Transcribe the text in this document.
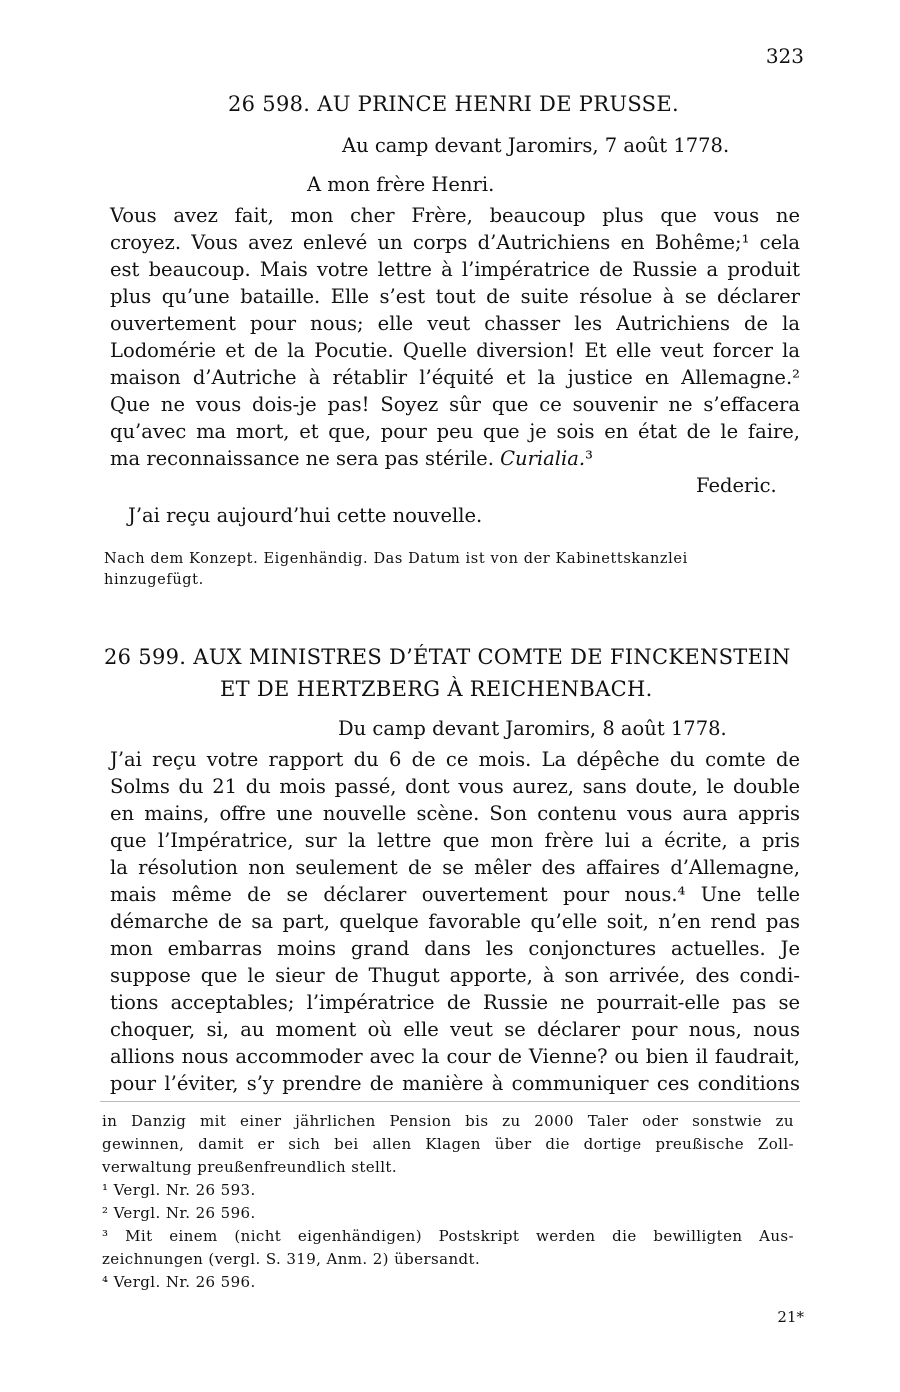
323
26 598. AU PRINCE HENRI DE PRUSSE.
Au camp devant Jaromirs, 7 août 1778.
A mon frère Henri.
Vous avez fait, mon cher Frère, beaucoup plus que vous ne
croyez. Vous avez enlevé un corps d’Autrichiens en Bohême;¹ cela
est beaucoup. Mais votre lettre à l’impératrice de Russie a produit
plus qu’une bataille. Elle s’est tout de suite résolue à se déclarer
ouvertement pour nous; elle veut chasser les Autrichiens de la
Lodomérie et de la Pocutie. Quelle diversion! Et elle veut forcer la
maison d’Autriche à rétablir l’équité et la justice en Allemagne.²
Que ne vous dois-je pas! Soyez sûr que ce souvenir ne s’effacera
qu’avec ma mort, et que, pour peu que je sois en état de le faire,
ma reconnaissance ne sera pas stérile. Curialia.³
Federic.
J’ai reçu aujourd’hui cette nouvelle.
Nach dem Konzept. Eigenhändig. Das Datum ist von der Kabinettskanzlei
hinzugefügt.
26 599. AUX MINISTRES D’ÉTAT COMTE DE FINCKENSTEIN
ET DE HERTZBERG À REICHENBACH.
Du camp devant Jaromirs, 8 août 1778.
J’ai reçu votre rapport du 6 de ce mois. La dépêche du comte de
Solms du 21 du mois passé, dont vous aurez, sans doute, le double
en mains, offre une nouvelle scène. Son contenu vous aura appris
que l’Impératrice, sur la lettre que mon frère lui a écrite, a pris
la résolution non seulement de se mêler des affaires d’Allemagne,
mais même de se déclarer ouvertement pour nous.⁴ Une telle
démarche de sa part, quelque favorable qu’elle soit, n’en rend pas
mon embarras moins grand dans les conjonctures actuelles. Je
suppose que le sieur de Thugut apporte, à son arrivée, des condi-
tions acceptables; l’impératrice de Russie ne pourrait-elle pas se
choquer, si, au moment où elle veut se déclarer pour nous, nous
allions nous accommoder avec la cour de Vienne? ou bien il faudrait,
pour l’éviter, s’y prendre de manière à communiquer ces conditions
in Danzig mit einer jährlichen Pension bis zu 2000 Taler oder sonstwie zu
gewinnen, damit er sich bei allen Klagen über die dortige preußische Zoll-
verwaltung preußenfreundlich stellt.
¹ Vergl. Nr. 26 593.
² Vergl. Nr. 26 596.
³ Mit einem (nicht eigenhändigen) Postskript werden die bewilligten Aus-
zeichnungen (vergl. S. 319, Anm. 2) übersandt.
⁴ Vergl. Nr. 26 596.
21*
